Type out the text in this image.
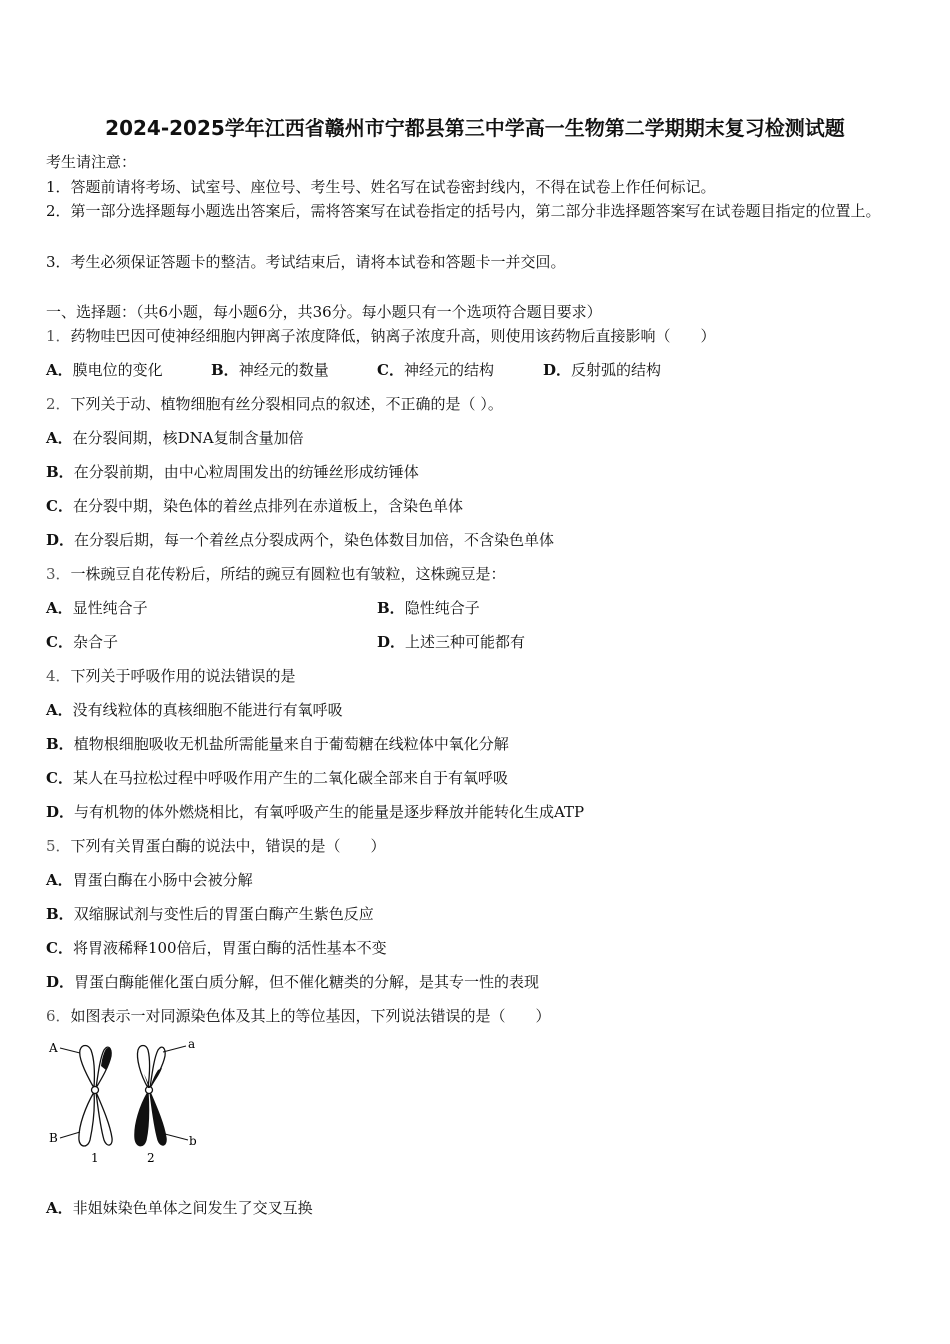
2024-2025学年江西省赣州市宁都县第三中学高一生物第二学期期末复习检测试题
考生请注意：
1．答题前请将考场、试室号、座位号、考生号、姓名写在试卷密封线内，不得在试卷上作任何标记。
2．第一部分选择题每小题选出答案后，需将答案写在试卷指定的括号内，第二部分非选择题答案写在试卷题目指定的位置上。
3．考生必须保证答题卡的整洁。考试结束后，请将本试卷和答题卡一并交回。
一、选择题：（共6小题，每小题6分，共36分。每小题只有一个选项符合题目要求）
1．药物哇巴因可使神经细胞内钾离子浓度降低，钠离子浓度升高，则使用该药物后直接影响（　　）
A．膜电位的变化	B．神经元的数量	C．神经元的结构	D．反射弧的结构
2．下列关于动、植物细胞有丝分裂相同点的叙述，不正确的是（ ）。
A．在分裂间期，核DNA复制含量加倍
B．在分裂前期，由中心粒周围发出的纺锤丝形成纺锤体
C．在分裂中期，染色体的着丝点排列在赤道板上，含染色单体
D．在分裂后期，每一个着丝点分裂成两个，染色体数目加倍，不含染色单体
3．一株豌豆自花传粉后，所结的豌豆有圆粒也有皱粒，这株豌豆是：
A．显性纯合子	B．隐性纯合子
C．杂合子	D．上述三种可能都有
4．下列关于呼吸作用的说法错误的是
A．没有线粒体的真核细胞不能进行有氧呼吸
B．植物根细胞吸收无机盐所需能量来自于葡萄糖在线粒体中氧化分解
C．某人在马拉松过程中呼吸作用产生的二氧化碳全部来自于有氧呼吸
D．与有机物的体外燃烧相比，有氧呼吸产生的能量是逐步释放并能转化生成ATP
5．下列有关胃蛋白酶的说法中，错误的是（　　）
A．胃蛋白酶在小肠中会被分解
B．双缩脲试剂与变性后的胃蛋白酶产生紫色反应
C．将胃液稀释100倍后，胃蛋白酶的活性基本不变
D．胃蛋白酶能催化蛋白质分解，但不催化糖类的分解，是其专一性的表现
6．如图表示一对同源染色体及其上的等位基因，下列说法错误的是（　　）
A
B
a
b
1	2
A．非姐妹染色单体之间发生了交叉互换
